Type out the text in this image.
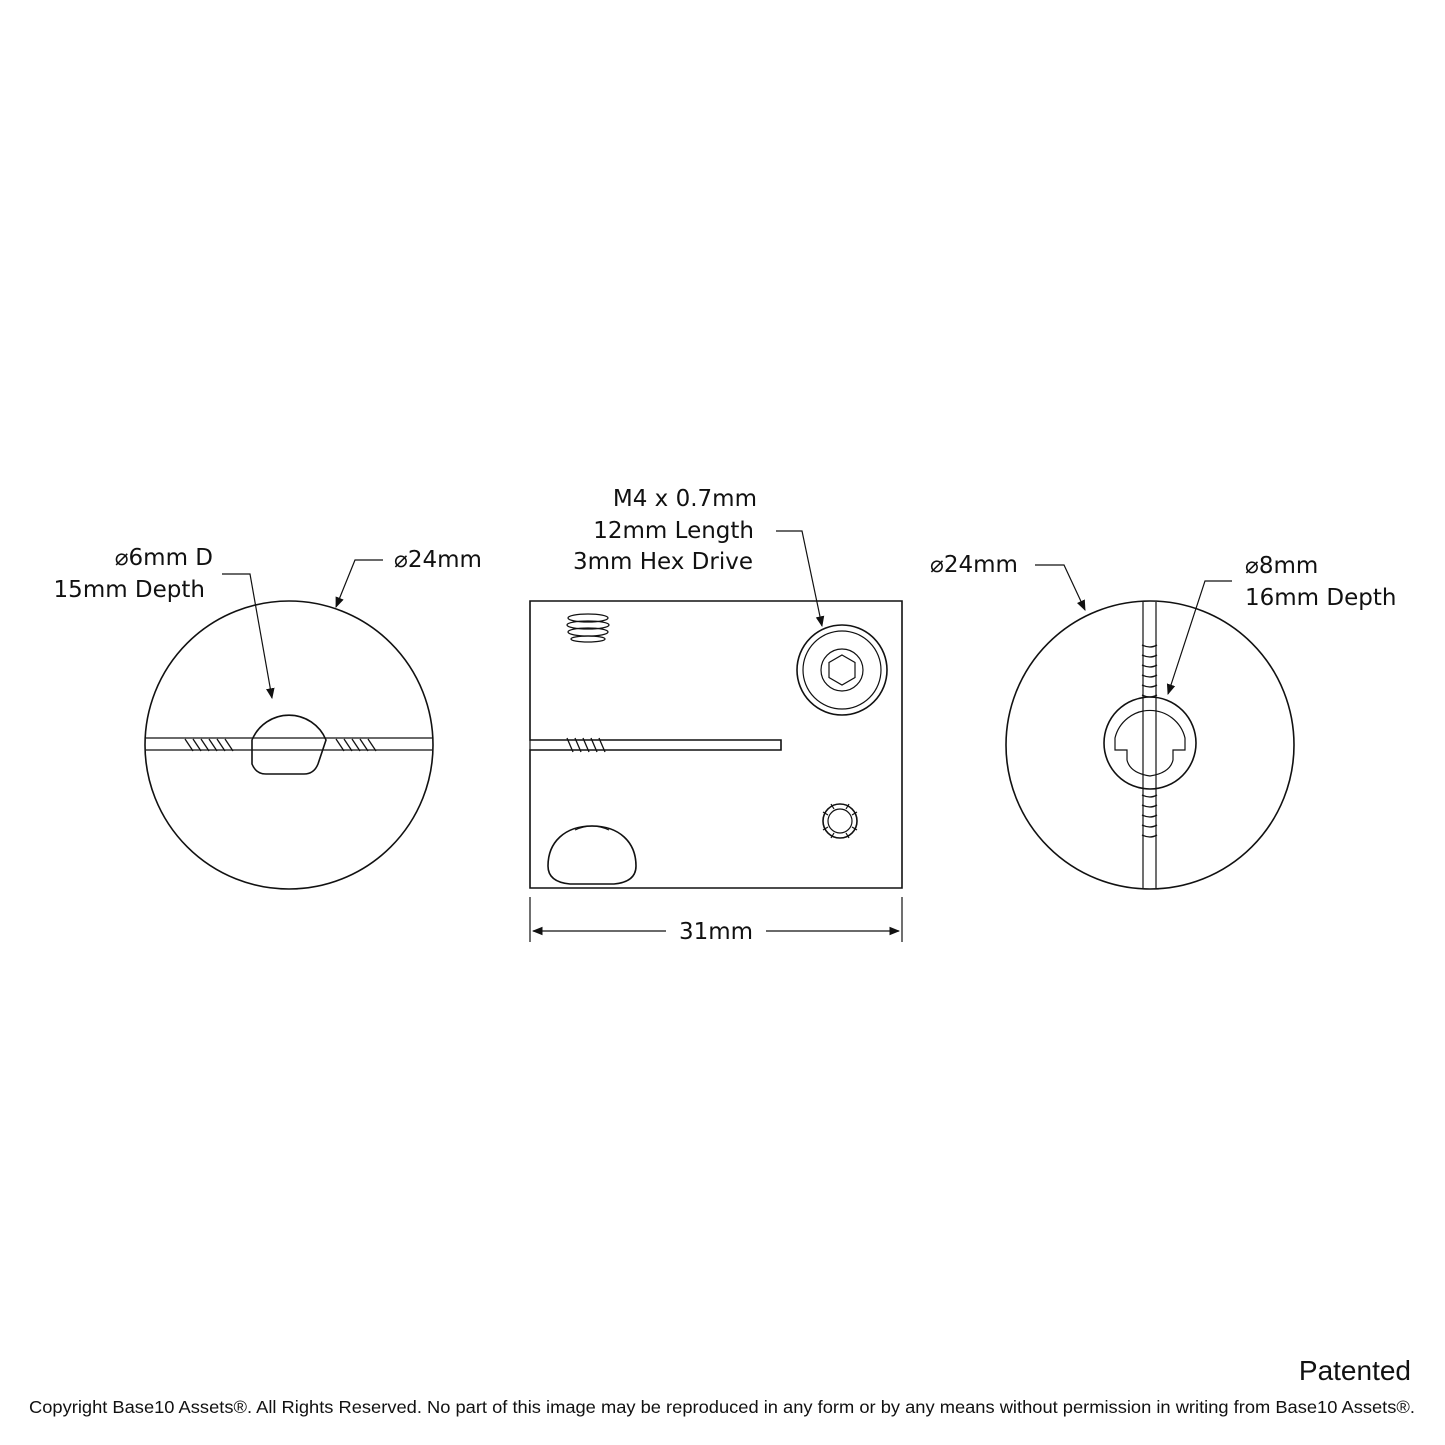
⌀6mm D
15mm Depth
⌀24mm
M4 x 0.7mm
12mm Length
3mm Hex Drive
31mm
⌀24mm	⌀8mm
16mm Depth
Patented
Copyright Base10 Assets®. All Rights Reserved. No part of this image may be reproduced in any form or by any means without permission in writing from Base10 Assets®.
